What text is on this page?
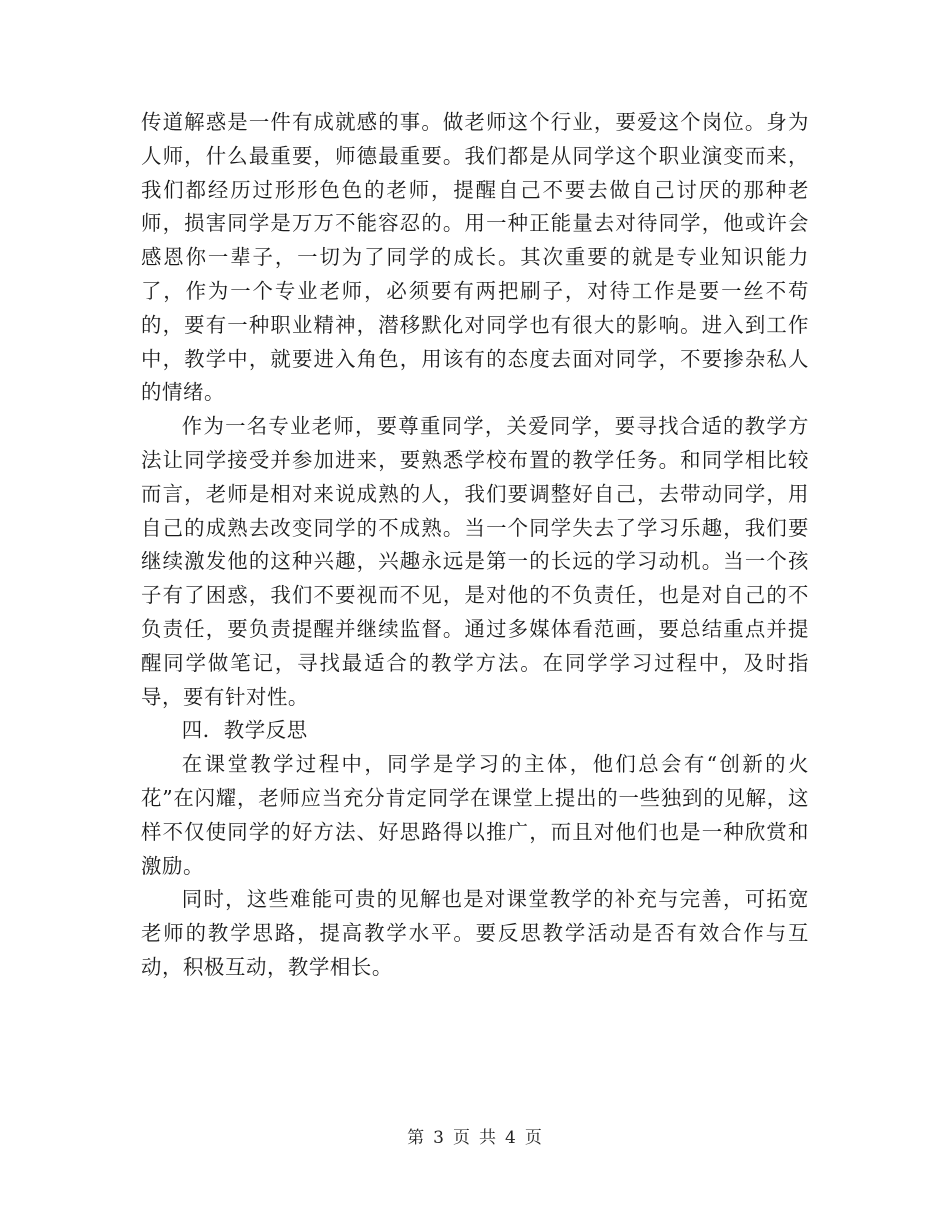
传道解惑是一件有成就感的事。做老师这个行业，要爱这个岗位。身为人师，什么最重要，师德最重要。我们都是从同学这个职业演变而来，我们都经历过形形色色的老师，提醒自己不要去做自己讨厌的那种老师，损害同学是万万不能容忍的。用一种正能量去对待同学，他或许会感恩你一辈子，一切为了同学的成长。其次重要的就是专业知识能力了，作为一个专业老师，必须要有两把刷子，对待工作是要一丝不苟的，要有一种职业精神，潜移默化对同学也有很大的影响。进入到工作中，教学中，就要进入角色，用该有的态度去面对同学，不要掺杂私人的情绪。

作为一名专业老师，要尊重同学，关爱同学，要寻找合适的教学方法让同学接受并参加进来，要熟悉学校布置的教学任务。和同学相比较而言，老师是相对来说成熟的人，我们要调整好自己，去带动同学，用自己的成熟去改变同学的不成熟。当一个同学失去了学习乐趣，我们要继续激发他的这种兴趣，兴趣永远是第一的长远的学习动机。当一个孩子有了困惑，我们不要视而不见，是对他的不负责任，也是对自己的不负责任，要负责提醒并继续监督。通过多媒体看范画，要总结重点并提醒同学做笔记，寻找最适合的教学方法。在同学学习过程中，及时指导，要有针对性。

四．教学反思

在课堂教学过程中，同学是学习的主体，他们总会有“创新的火花”在闪耀，老师应当充分肯定同学在课堂上提出的一些独到的见解，这样不仅使同学的好方法、好思路得以推广，而且对他们也是一种欣赏和激励。

同时，这些难能可贵的见解也是对课堂教学的补充与完善，可拓宽老师的教学思路，提高教学水平。要反思教学活动是否有效合作与互动，积极互动，教学相长。

第 3 页 共 4 页
